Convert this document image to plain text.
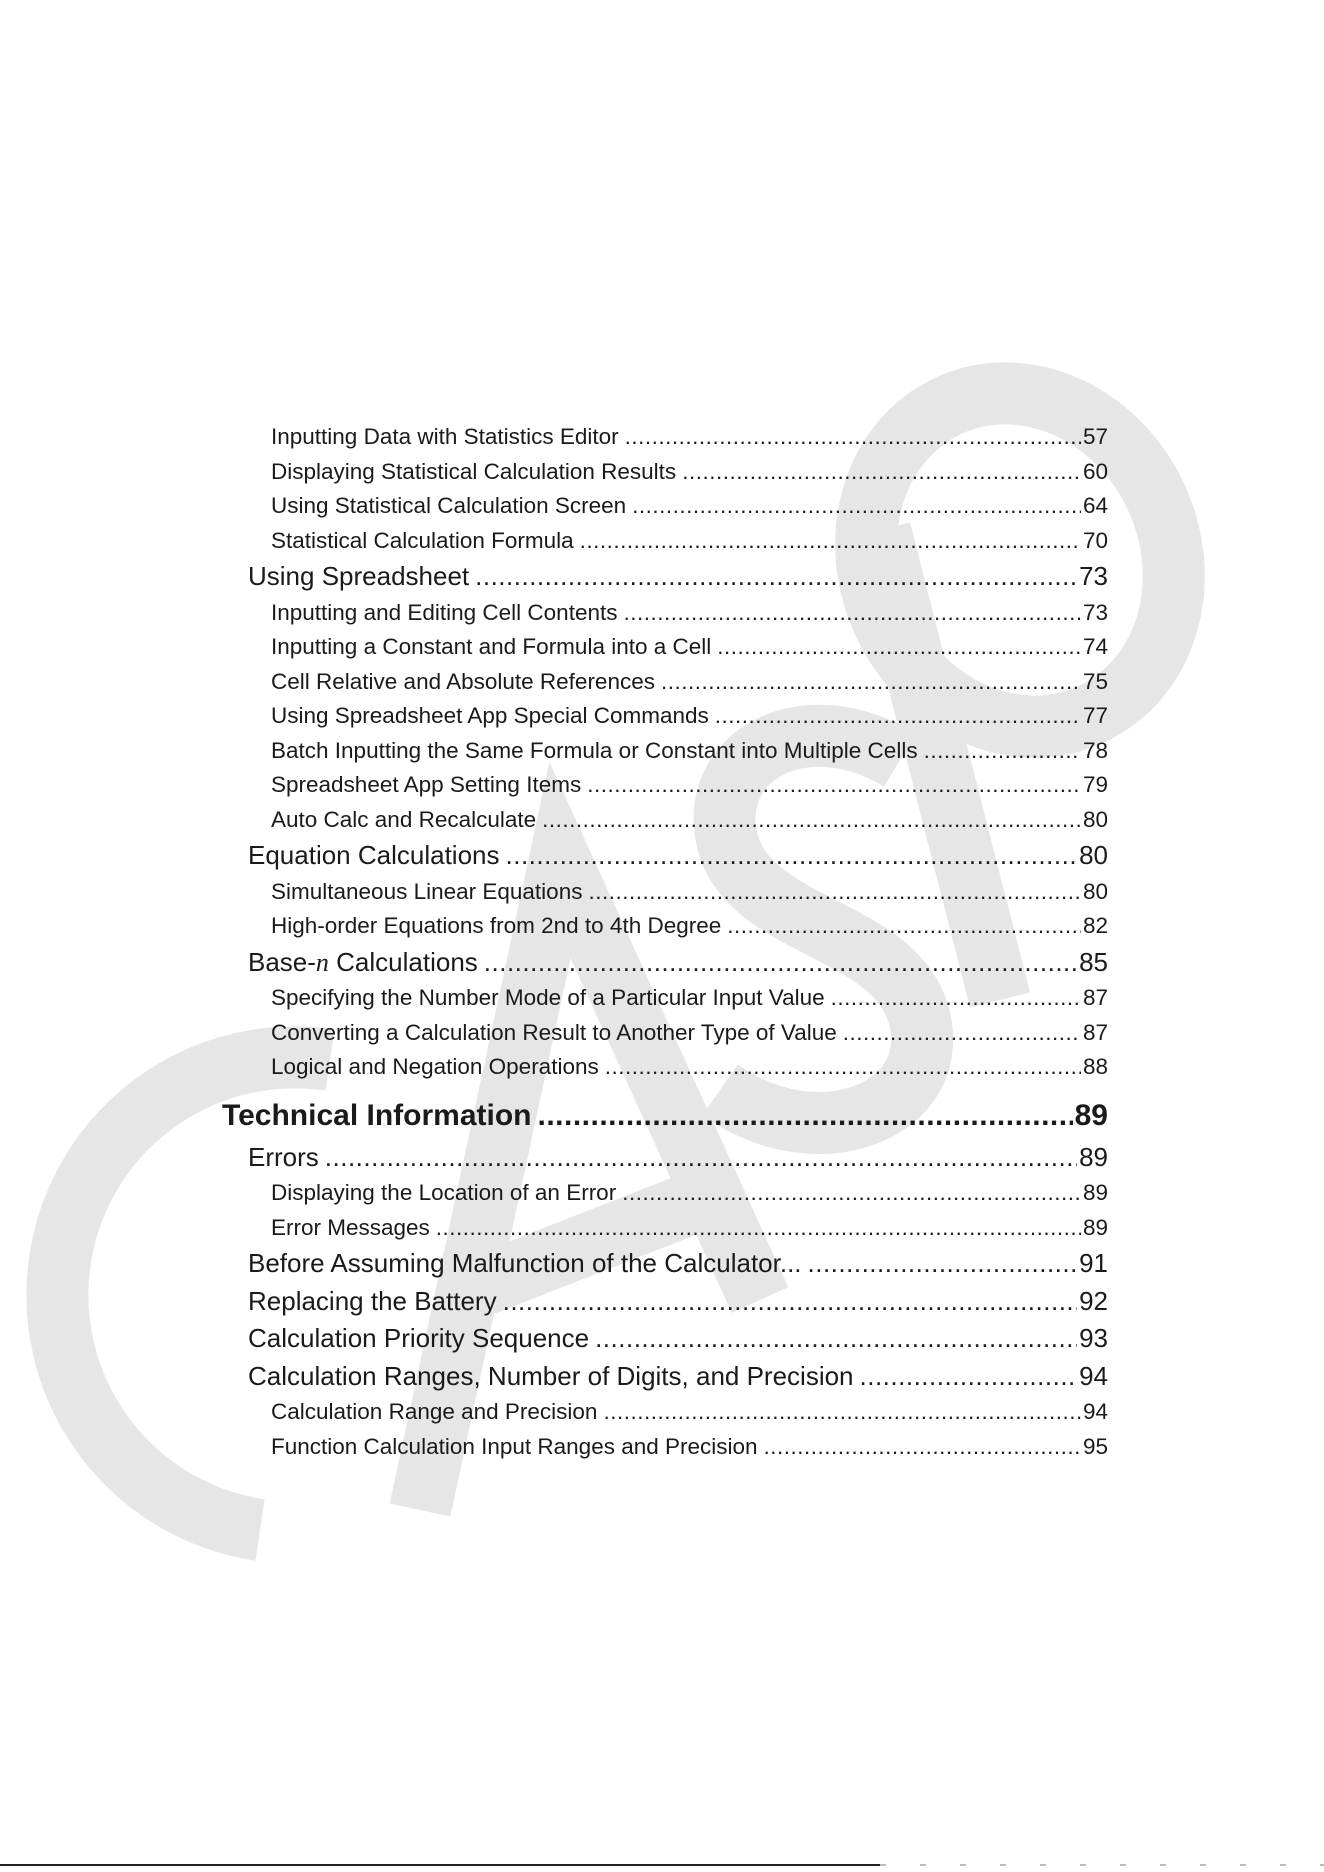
Inputting Data with Statistics Editor .....	57
Displaying Statistical Calculation Results .....	60
Using Statistical Calculation Screen .....	64
Statistical Calculation Formula .....	70
Using Spreadsheet .....	73
Inputting and Editing Cell Contents .....	73
Inputting a Constant and Formula into a Cell .....	74
Cell Relative and Absolute References .....	75
Using Spreadsheet App Special Commands .....	77
Batch Inputting the Same Formula or Constant into Multiple Cells .....	78
Spreadsheet App Setting Items .....	79
Auto Calc and Recalculate .....	80
Equation Calculations .....	80
Simultaneous Linear Equations .....	80
High-order Equations from 2nd to 4th Degree .....	82
Base-n Calculations .....	85
Specifying the Number Mode of a Particular Input Value .....	87
Converting a Calculation Result to Another Type of Value .....	87
Logical and Negation Operations .....	88
Technical Information .....	89
Errors .....	89
Displaying the Location of an Error .....	89
Error Messages .....	89
Before Assuming Malfunction of the Calculator... .....	91
Replacing the Battery .....	92
Calculation Priority Sequence .....	93
Calculation Ranges, Number of Digits, and Precision .....	94
Calculation Range and Precision .....	94
Function Calculation Input Ranges and Precision .....	95
